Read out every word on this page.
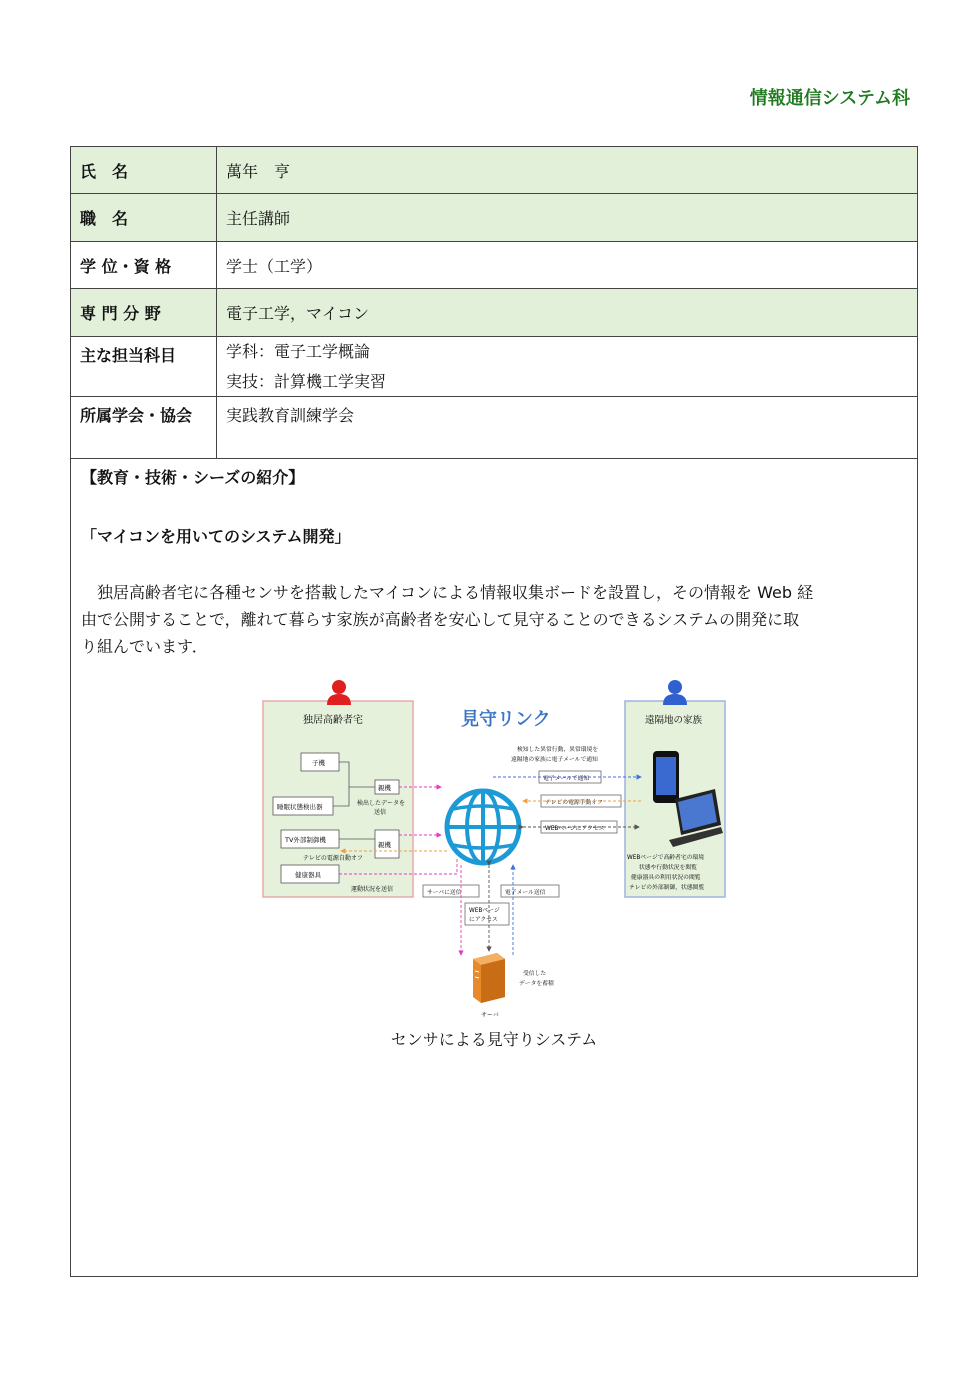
情報通信システム科
氏　名	萬年　亨
職　名	主任講師
学 位・資 格	学士（工学）
専 門 分 野	電子工学，マイコン
主な担当科目	学科：電子工学概論
実技：計算機工学実習
所属学会・協会	実践教育訓練学会
【教育・技術・シーズの紹介】
「マイコンを用いてのシステム開発」
独居高齢者宅に各種センサを搭載したマイコンによる情報収集ボードを設置し，その情報を Web 経
由で公開することで，離れて暮らす家族が高齢者を安心して見守ることのできるシステムの開発に取
り組んでいます．
独居高齢者宅
子機
睡眠状態検出器
TV外部制御機
健康器具
親機
親機
検出したデータを
送信
テレビの電源自動オフ
運動状況を送信
見守リンク	遠隔地の家族
WEBページで高齢者宅の環境
状態や行動状況を閲覧
健康器具の利用状況の閲覧
テレビの外部制御，状態閲覧
検知した異常行動、異常環境を
遠隔地の家族に電子メールで通知
電子メールで通知
テレビの電源手動オフ
WEBページにアクセス
サーバに送信	電子メール送信
WEBページ
にアクセス
受信した
データを蓄積
サーバ
センサによる見守りシステム
